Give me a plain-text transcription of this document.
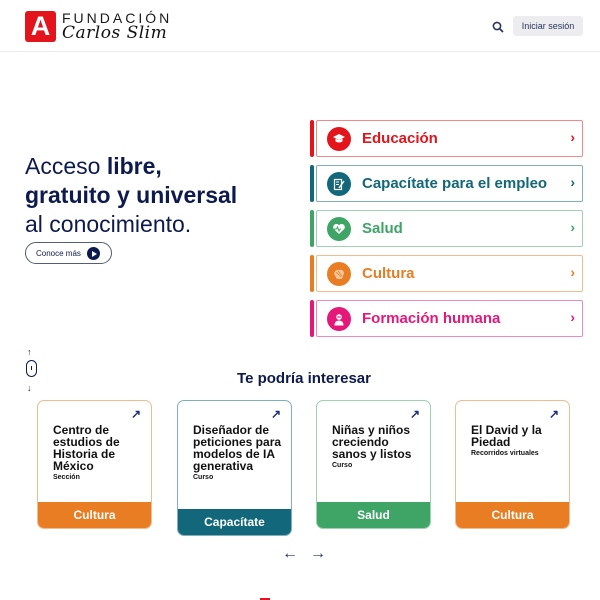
A FUNDACIÓN
Carlos Slim	Iniciar sesión
Acceso libre,
gratuito y universal
al conocimiento.
Conoce más
Educación	›
Capacítate para el empleo ›
Salud	›
Cultura	›
Formación humana	›
↑
↓
Te podría interesar
↗
Centro de estudios de Historia de México
Sección
Cultura
↗
Diseñador de peticiones para modelos de IA generativa
Curso
Capacítate
↗
Niñas y niños creciendo sanos y listos
Curso
Salud
↗
El David y la Piedad
Recorridos virtuales
Cultura
← →
